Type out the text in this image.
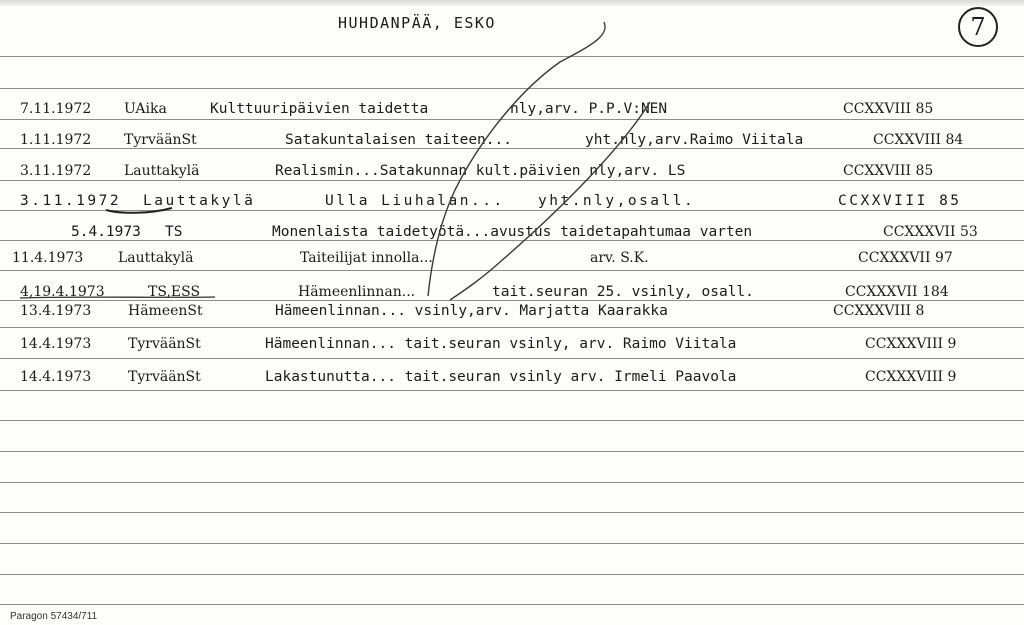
HUHDANPÄÄ, ESKO	7
7.11.1972 UAika	Kulttuuripäivien taidetta	nly,arv. P.P.V:NEN	CCXXVIII 85
1.11.1972 TyrväänSt	Satakuntalaisen taiteen...	yht.nly,arv.Raimo Viitala	CCXXVIII 84
3.11.1972 Lauttakylä	Realismin...Satakunnan kult.päivien nly,arv. LS	CCXXVIII 85
3.11.1972 Lauttakylä	Ulla Liuhalan... yht.nly,osall.	CCXXVIII 85
5.4.1973 TS	Monenlaista taidetyötä...avustus taidetapahtumaa varten	CCXXXVII 53
11.4.1973 Lauttakylä	Taiteilijat innolla...	arv. S.K.	CCXXXVII 97
4,19.4.1973	TS,ESS	Hämeenlinnan...	tait.seuran 25. vsinly, osall.	CCXXXVII 184
13.4.1973	HämeenSt	Hämeenlinnan... vsinly,arv. Marjatta Kaarakka	CCXXXVIII 8
14.4.1973	TyrväänSt	Hämeenlinnan... tait.seuran vsinly, arv. Raimo Viitala	CCXXXVIII 9
14.4.1973	TyrväänSt	Lakastunutta... tait.seuran vsinly arv. Irmeli Paavola	CCXXXVIII 9
Paragon 57434/711
